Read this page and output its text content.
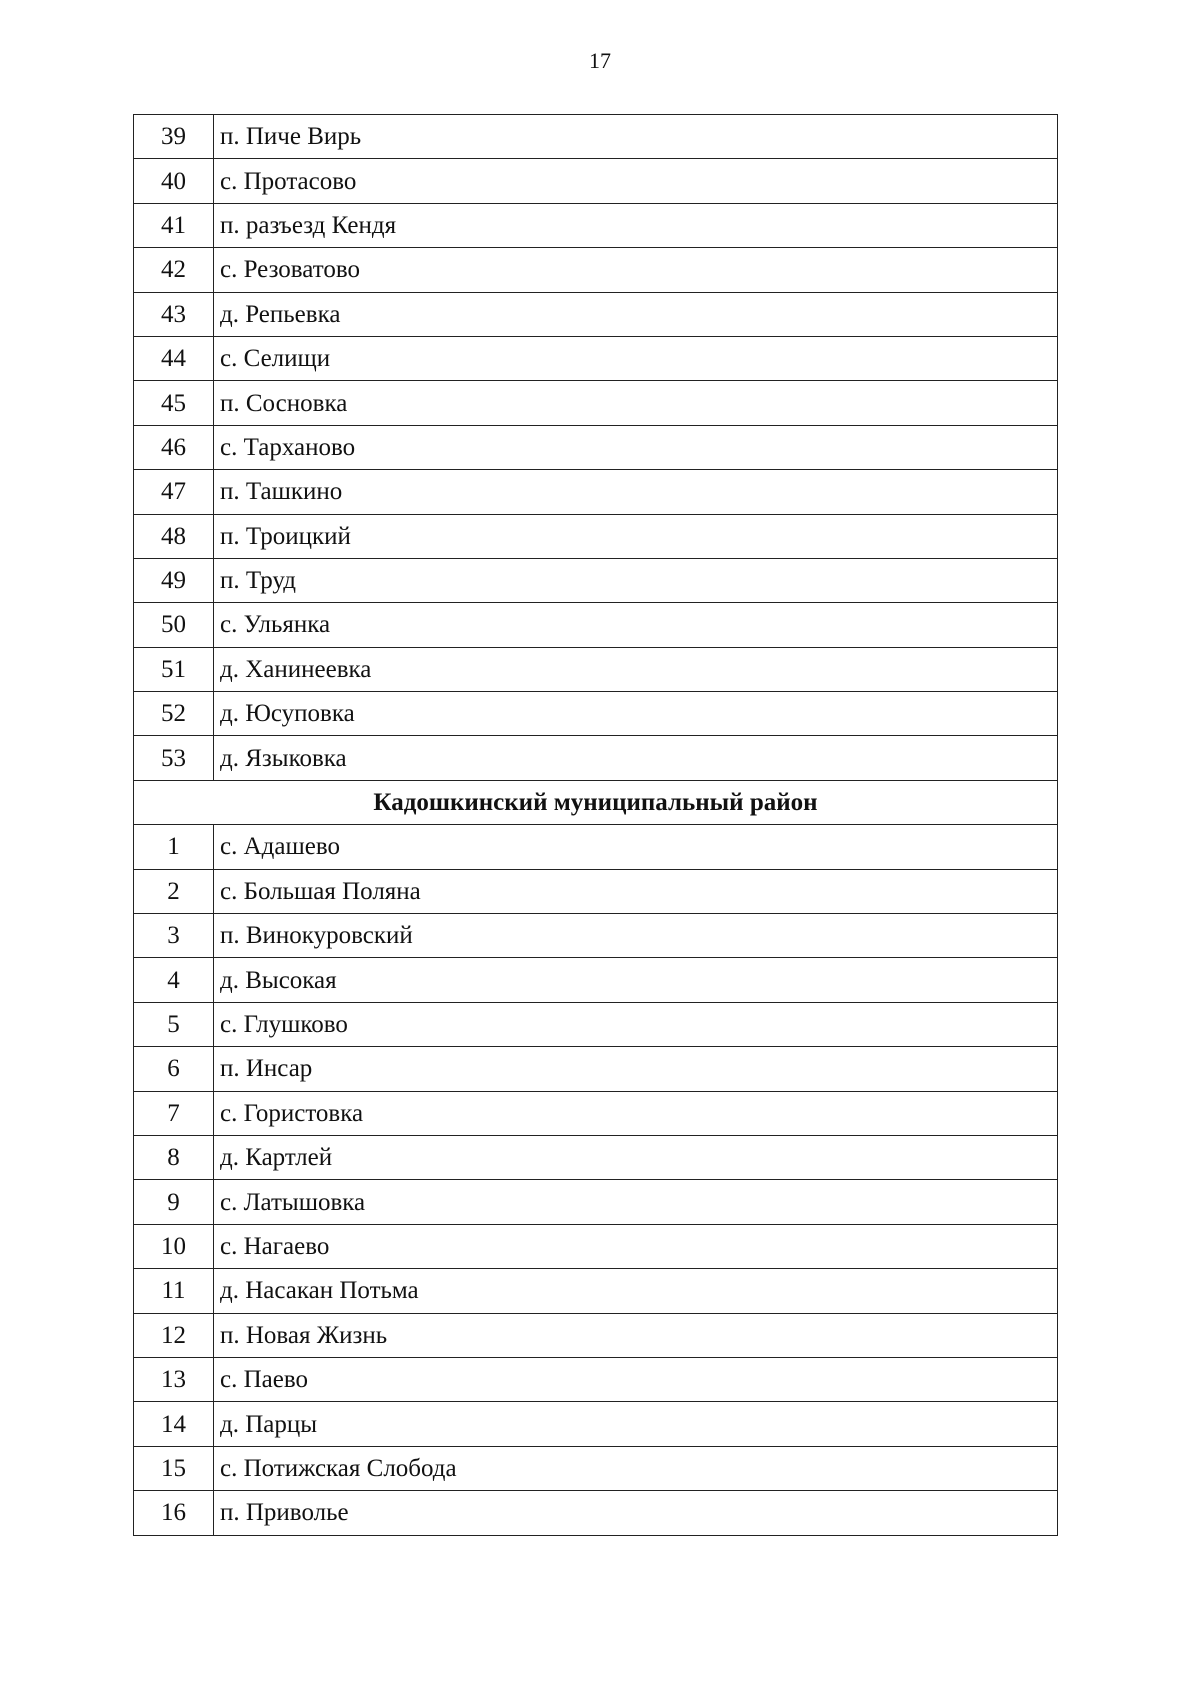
17
39	п. Пиче Вирь
40	с. Протасово
41	п. разъезд Кендя
42	с. Резоватово
43	д. Репьевка
44	с. Селищи
45	п. Сосновка
46	с. Тарханово
47	п. Ташкино
48	п. Троицкий
49	п. Труд
50	с. Ульянка
51	д. Ханинеевка
52	д. Юсуповка
53	д. Языковка
Кадошкинский муниципальный район	
1	с. Адашево
2	с. Большая Поляна
3	п. Винокуровский
4	д. Высокая
5	с. Глушково
6	п. Инсар
7	с. Гористовка
8	д. Картлей
9	с. Латышовка
10	с. Нагаево
11	д. Насакан Потьма
12	п. Новая Жизнь
13	с. Паево
14	д. Парцы
15	с. Потижская Слобода
16	п. Приволье
